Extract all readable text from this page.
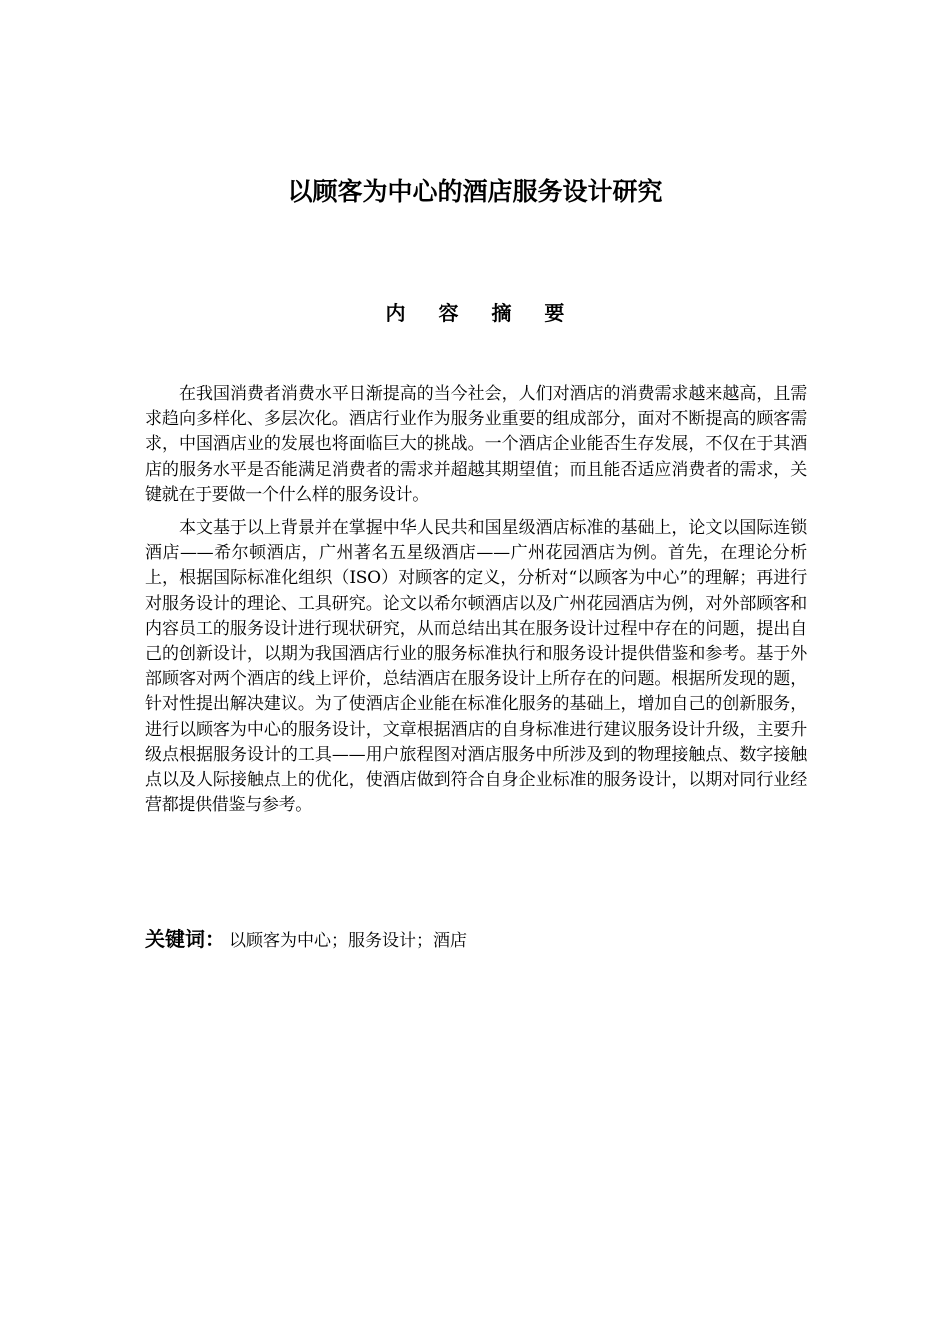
以顾客为中心的酒店服务设计研究
内 容 摘 要

在我国消费者消费水平日渐提高的当今社会，人们对酒店的消费需求越来越高，且需求趋向多样化、多层次化。酒店行业作为服务业重要的组成部分，面对不断提高的顾客需求，中国酒店业的发展也将面临巨大的挑战。一个酒店企业能否生存发展，不仅在于其酒店的服务水平是否能满足消费者的需求并超越其期望值；而且能否适应消费者的需求，关键就在于要做一个什么样的服务设计。

本文基于以上背景并在掌握中华人民共和国星级酒店标准的基础上，论文以国际连锁酒店——希尔顿酒店，广州著名五星级酒店——广州花园酒店为例。首先，在理论分析上，根据国际标准化组织（ISO）对顾客的定义，分析对“以顾客为中心”的理解；再进行对服务设计的理论、工具研究。论文以希尔顿酒店以及广州花园酒店为例，对外部顾客和内容员工的服务设计进行现状研究，从而总结出其在服务设计过程中存在的问题，提出自己的创新设计，以期为我国酒店行业的服务标准执行和服务设计提供借鉴和参考。基于外部顾客对两个酒店的线上评价，总结酒店在服务设计上所存在的问题。根据所发现的题，针对性提出解决建议。为了使酒店企业能在标准化服务的基础上，增加自己的创新服务，进行以顾客为中心的服务设计，文章根据酒店的自身标准进行建议服务设计升级，主要升级点根据服务设计的工具——用户旅程图对酒店服务中所涉及到的物理接触点、数字接触点以及人际接触点上的优化，使酒店做到符合自身企业标准的服务设计，以期对同行业经营都提供借鉴与参考。

关键词： 以顾客为中心；服务设计；酒店
